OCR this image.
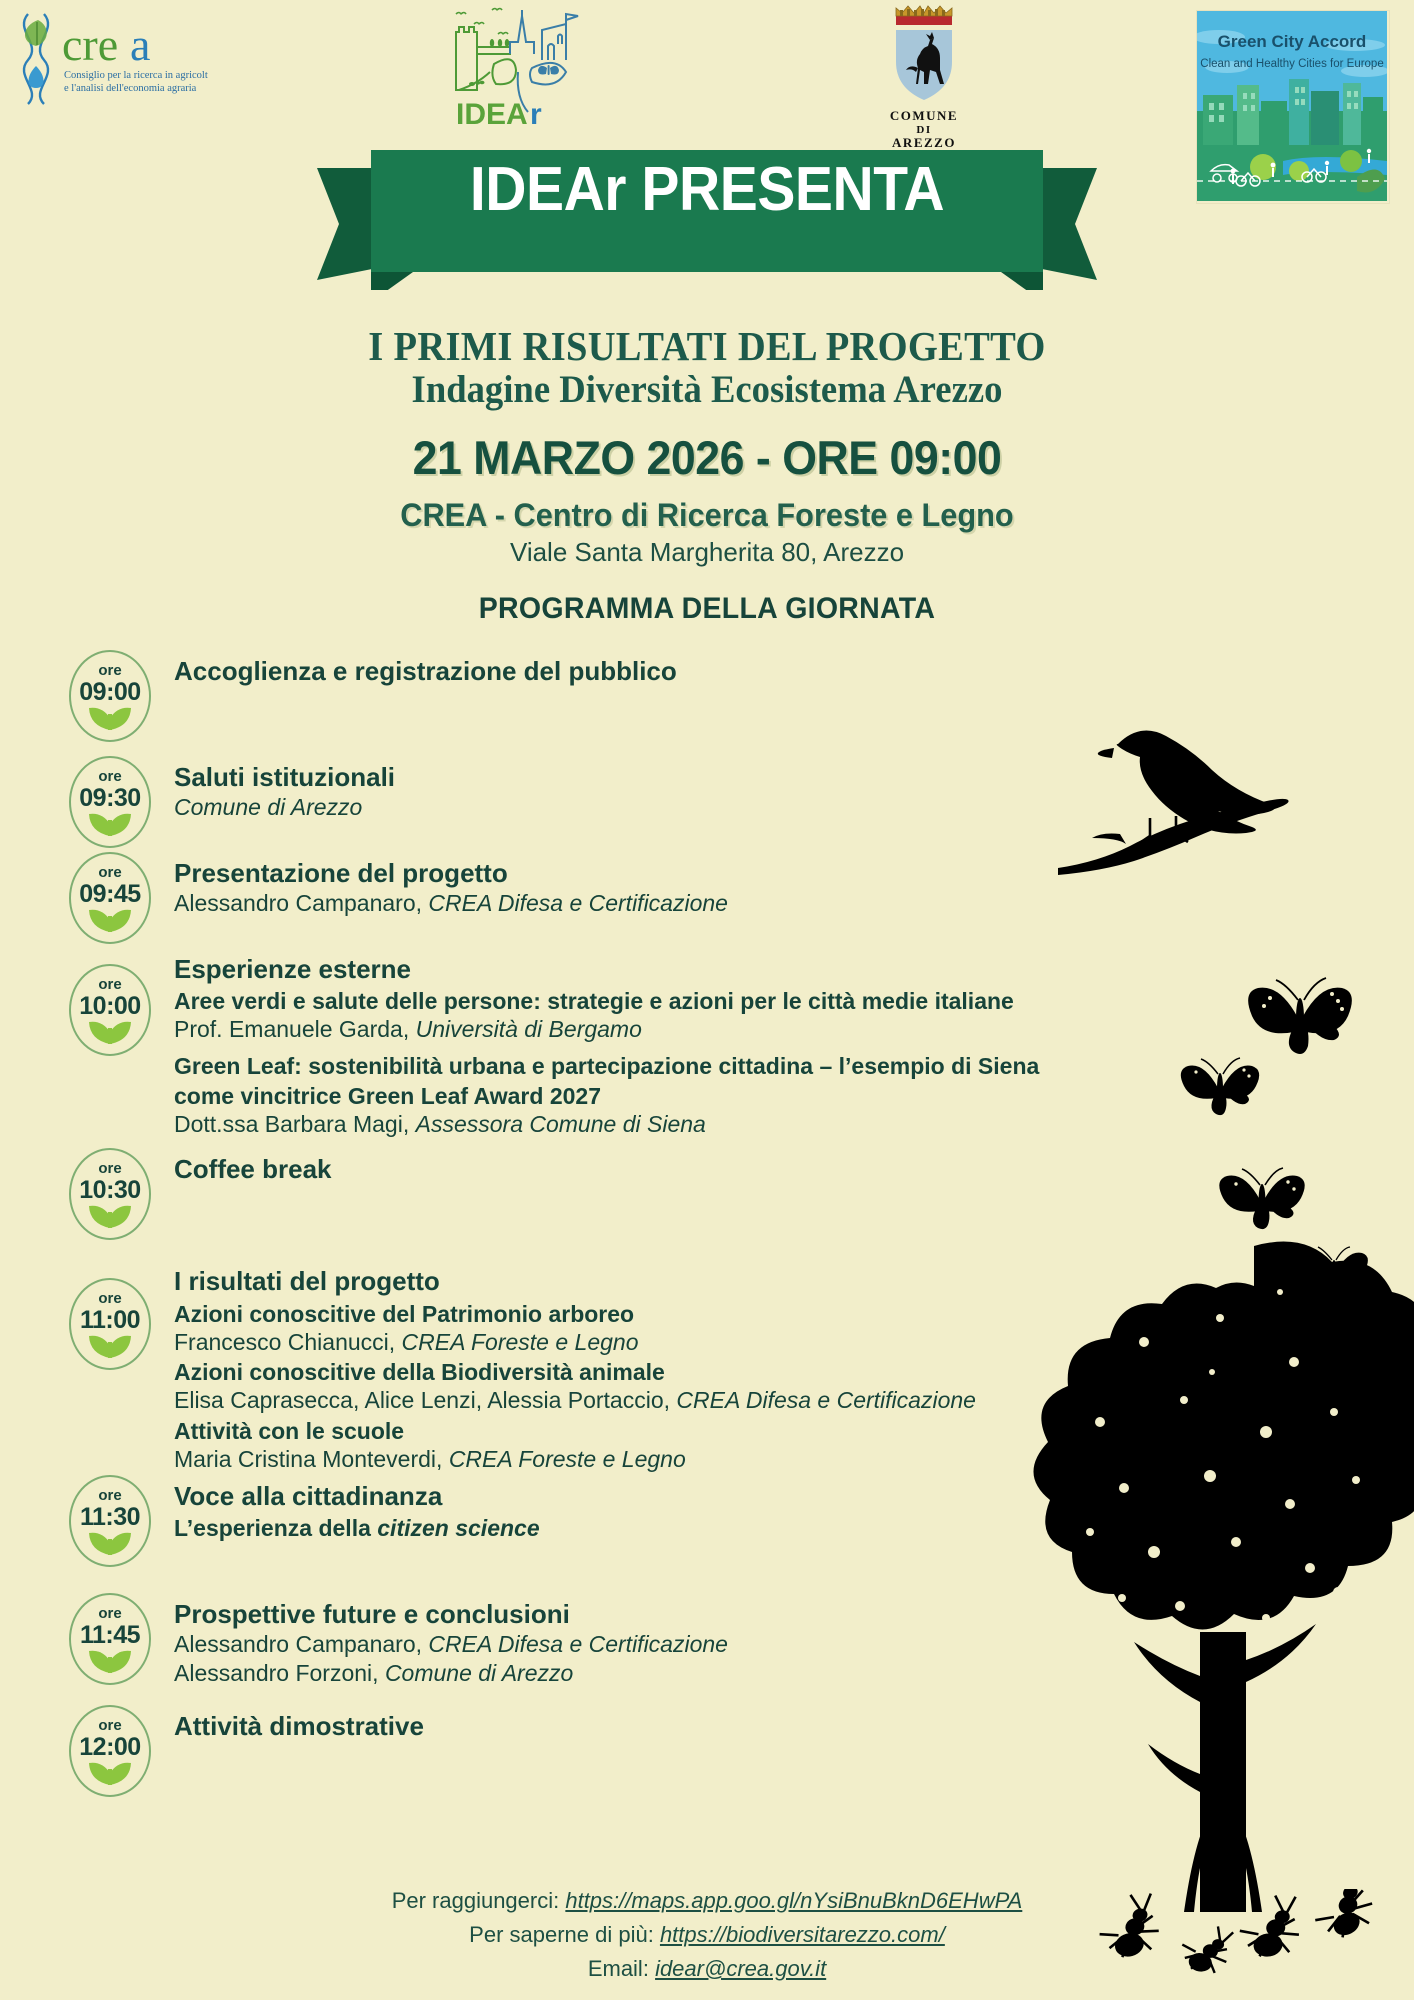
cre a
Consiglio per la ricerca in agricoltura
e l'analisi dell'economia agraria
IDEA r	COMUNE
DI
AREZZO
Green City Accord
Clean and Healthy Cities for Europe
IDEAr PRESENTA
I PRIMI RISULTATI DEL PROGETTO
Indagine Diversità Ecosistema Arezzo
21 MARZO 2026 - ORE 09:00
CREA - Centro di Ricerca Foreste e Legno
Viale Santa Margherita 80, Arezzo
PROGRAMMA DELLA GIORNATA
ore
09:00
Accoglienza e registrazione del pubblico
ore
09:30
Saluti istituzionali
Comune di Arezzo
ore
09:45
Presentazione del progetto
Alessandro Campanaro, CREA Difesa e Certificazione
ore
10:00
Esperienze esterne
Aree verdi e salute delle persone: strategie e azioni per le città medie italiane
Prof. Emanuele Garda, Università di Bergamo
Green Leaf: sostenibilità urbana e partecipazione cittadina – l’esempio di Siena
come vincitrice Green Leaf Award 2027
Dott.ssa Barbara Magi, Assessora Comune di Siena
ore
10:30
Coffee break
ore
11:00
I risultati del progetto
Azioni conoscitive del Patrimonio arboreo
Francesco Chianucci, CREA Foreste e Legno
Azioni conoscitive della Biodiversità animale
Elisa Caprasecca, Alice Lenzi, Alessia Portaccio, CREA Difesa e Certificazione
Attività con le scuole
Maria Cristina Monteverdi, CREA Foreste e Legno
ore
11:30
Voce alla cittadinanza
L’esperienza della citizen science
ore
11:45
Prospettive future e conclusioni
Alessandro Campanaro, CREA Difesa e Certificazione
Alessandro Forzoni, Comune di Arezzo
ore
12:00
Attività dimostrative
Per raggiungerci: https://maps.app.goo.gl/nYsiBnuBknD6EHwPA
Per saperne di più: https://biodiversitarezzo.com/
Email: idear@crea.gov.it
